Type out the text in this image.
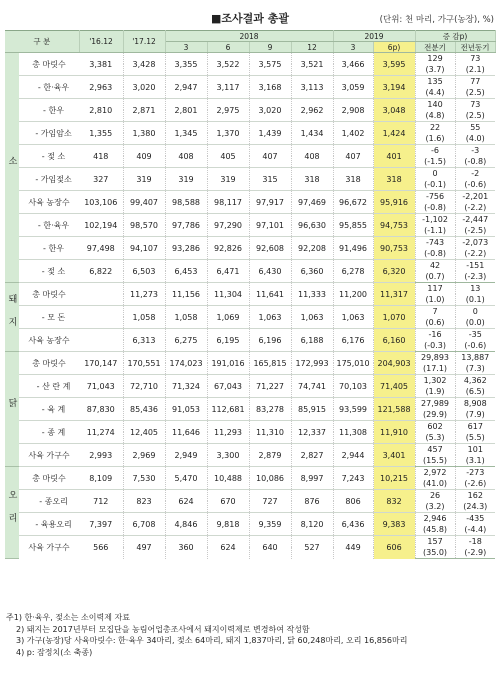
■조사결과 총괄	(단위: 천 마리, 가구(농장), %)
구 분		'16.12	'17.12	2018				2019		증 감p)	
				3	6	9	12	3	6p)	전분기	전년동기

소	총 마릿수	3,381	3,428	3,355	3,522	3,575	3,521	3,466	3,595	129	73
										(3.7)	(2.1)
	- 한·육우	2,963	3,020	2,947	3,117	3,168	3,113	3,059	3,194	135	77
										(4.4)	(2.5)
	- 한우	2,810	2,871	2,801	2,975	3,020	2,962	2,908	3,048	140	73
										(4.8)	(2.5)
	- 가임암소	1,355	1,380	1,345	1,370	1,439	1,434	1,402	1,424	22	55
										(1.6)	(4.0)
	- 젖 소	418	409	408	405	407	408	407	401	-6	-3
										(-1.5)	(-0.8)
	- 가임젖소	327	319	319	319	315	318	318	318	0	-2
										(-0.1)	(-0.6)
	사육 농장수	103,106	99,407	98,588	98,117	97,917	97,469	96,672	95,916	-756	-2,201
										(-0.8)	(-2.2)
	- 한·육우	102,194	98,570	97,786	97,290	97,101	96,630	95,855	94,753	-1,102	-2,447
										(-1.1)	(-2.5)
	- 한우	97,498	94,107	93,286	92,826	92,608	92,208	91,496	90,753	-743	-2,073
										(-0.8)	(-2.2)
	- 젖 소	6,822	6,503	6,453	6,471	6,430	6,360	6,278	6,320	42	-151
										(0.7)	(-2.3)

돼지	총 마릿수		11,273	11,156	11,304	11,641	11,333	11,200	11,317	117	13
										(1.0)	(0.1)
	- 모 돈		1,058	1,058	1,069	1,063	1,063	1,063	1,070	7	0
										(0.6)	(0.0)
	사육 농장수		6,313	6,275	6,195	6,196	6,188	6,176	6,160	-16	-35
										(-0.3)	(-0.6)

닭	총 마릿수	170,147	170,551	174,023	191,016	165,815	172,993	175,010	204,903	29,893	13,887
										(17.1)	(7.3)
	- 산 란 계	71,043	72,710	71,324	67,043	71,227	74,741	70,103	71,405	1,302	4,362
										(1.9)	(6.5)
	- 육 계	87,830	85,436	91,053	112,681	83,278	85,915	93,599	121,588	27,989	8,908
										(29.9)	(7.9)
	- 종 계	11,274	12,405	11,646	11,293	11,310	12,337	11,308	11,910	602	617
										(5.3)	(5.5)
	사육 가구수	2,993	2,969	2,949	3,300	2,879	2,827	2,944	3,401	457	101
										(15.5)	(3.1)

오리	총 마릿수	8,109	7,530	5,470	10,488	10,086	8,997	7,243	10,215	2,972	-273
										(41.0)	(-2.6)
	- 종오리	712	823	624	670	727	876	806	832	26	162
										(3.2)	(24.3)
	- 육용오리	7,397	6,708	4,846	9,818	9,359	8,120	6,436	9,383	2,946	-435
										(45.8)	(-4.4)
	사육 가구수	566	497	360	624	640	527	449	606	157	-18
										(35.0)	(-2.9)
주1) 한·육우, 젖소는 소이력제 자료
2) 돼지는 2017년부터 모집단을 농림어업총조사에서 돼지이력제로 변경하여 작성함
3) 가구(농장)당 사육마릿수: 한·육우 34마리, 젖소 64마리, 돼지 1,837마리, 닭 60,248마리, 오리 16,856마리
4) p: 잠정치(소 축종)
